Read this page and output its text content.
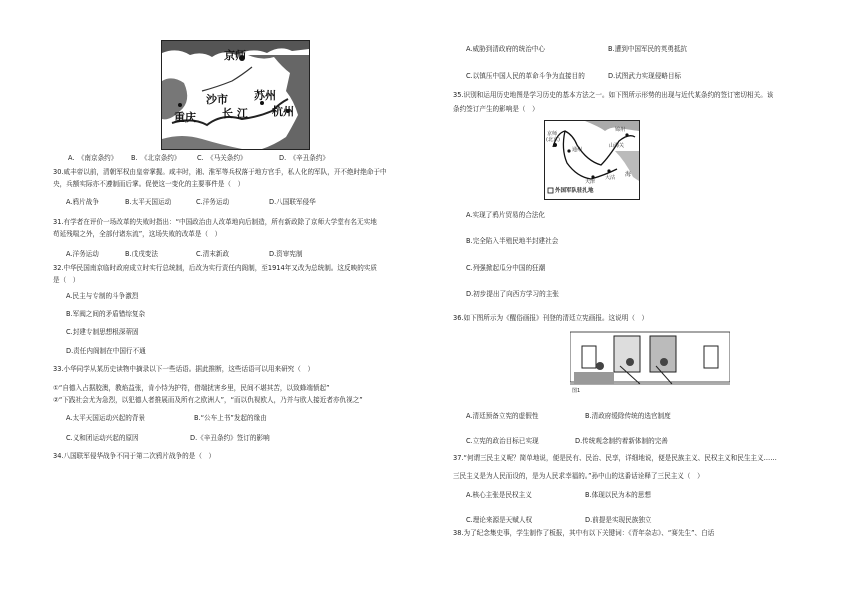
京师
沙市 苏州
长 江
重庆	杭州
A.　《南京条约》 B.　《北京条约》	C.　《马关条约》	D.　《辛丑条约》
30.咸丰帝以前，清朝军权由皇帝掌握。咸丰时，湘、淮军等兵权落于地方官手，私人化的军队，开不绝时绝命于中
央，兵额实际亦不遵制而后掌。促使这一变化的主要事件是（　）
A.鸦片战争	B.太平天国运动	C.洋务运动	D.八国联军侵华
31.有学者在评价一场改革的失败时指出：“中国政治由人改革地向后制造，所有新政除了京师大学堂有名无实地
苟延残喘之外，全部付诸东流”，这场失败的改革是（　）
A.洋务运动	B.戊戌变法	C.清末新政	D.资审宪制
32.中华民国南京临时政府成立时实行总统制，后改为实行责任内阁制，至1914年又改为总统制。这反映的实质
是（　）
A.民主与专制的斗争激烈
B.军阀之间的矛盾错综复杂
C.封建专制思想根深蒂固
D.责任内阁制在中国行不通
33.小华同学从某历史读物中摘录以下一些话语。据此推断，这些话语可以用来研究（　）
①“自德入占据胶澳，教焰益张，肯小恃为护符，借端扰害乡里，民间不堪其苦，以致蜂端愤起”
②“下践社会尤为急烈，以犯德人者推展而及所有之欧洲人”，“而以仇视欧人，乃并与欧人接近者亦仇视之”
A.太平天国运动兴起的背景	B.“公车上书”发起的缘由
C.义和团运动兴起的原因	D.《辛丑条约》签订的影响
34.八国联军侵华战争不同于第二次鸦片战争的是（　）
A.威胁到清政府的统治中心	B.遭到中国军民的英勇抵抗
C.以镇压中国人民的革命斗争为直接目的	D.试图武力实现侵略目标
35.识别和运用历史地图是学习历史的基本方法之一。如下图所示形势的出现与近代某条约的签订密切相关。该
条约签订产生的影响是（　）
京师
(北京)
通州
锦州
山海关
海
天津
大沽
外国军队驻扎地
A.实现了鸦片贸易的合法化
B.完全陷入半殖民地半封建社会
C.列强掀起瓜分中国的狂潮
D.初步提出了向西方学习的主张
36.如下图所示为《醒俗画报》刊登的清廷立宪画报。这说明（　）
图1
A.清廷预备立宪的虚假性	B.清政府缓除传统的选官制度
C.立宪的政治目标已实现	D.传统观念制约着新体制的完善
37.“何谓三民主义呢？简单地说，便是民有、民治、民享，详细地说，便是民族主义、民权主义和民生主义……
三民主义是为人民而设的，是为人民求幸福的。”孙中山的这番话诠释了三民主义（　）
A.核心主张是民权主义	B.体现以民为本的思想
C.理论来源是天赋人权	D.前提是实现民族独立
38.为了纪念集史事，学生制作了板报，其中有以下关键词：《青年杂志》、“赛先生”、白话
